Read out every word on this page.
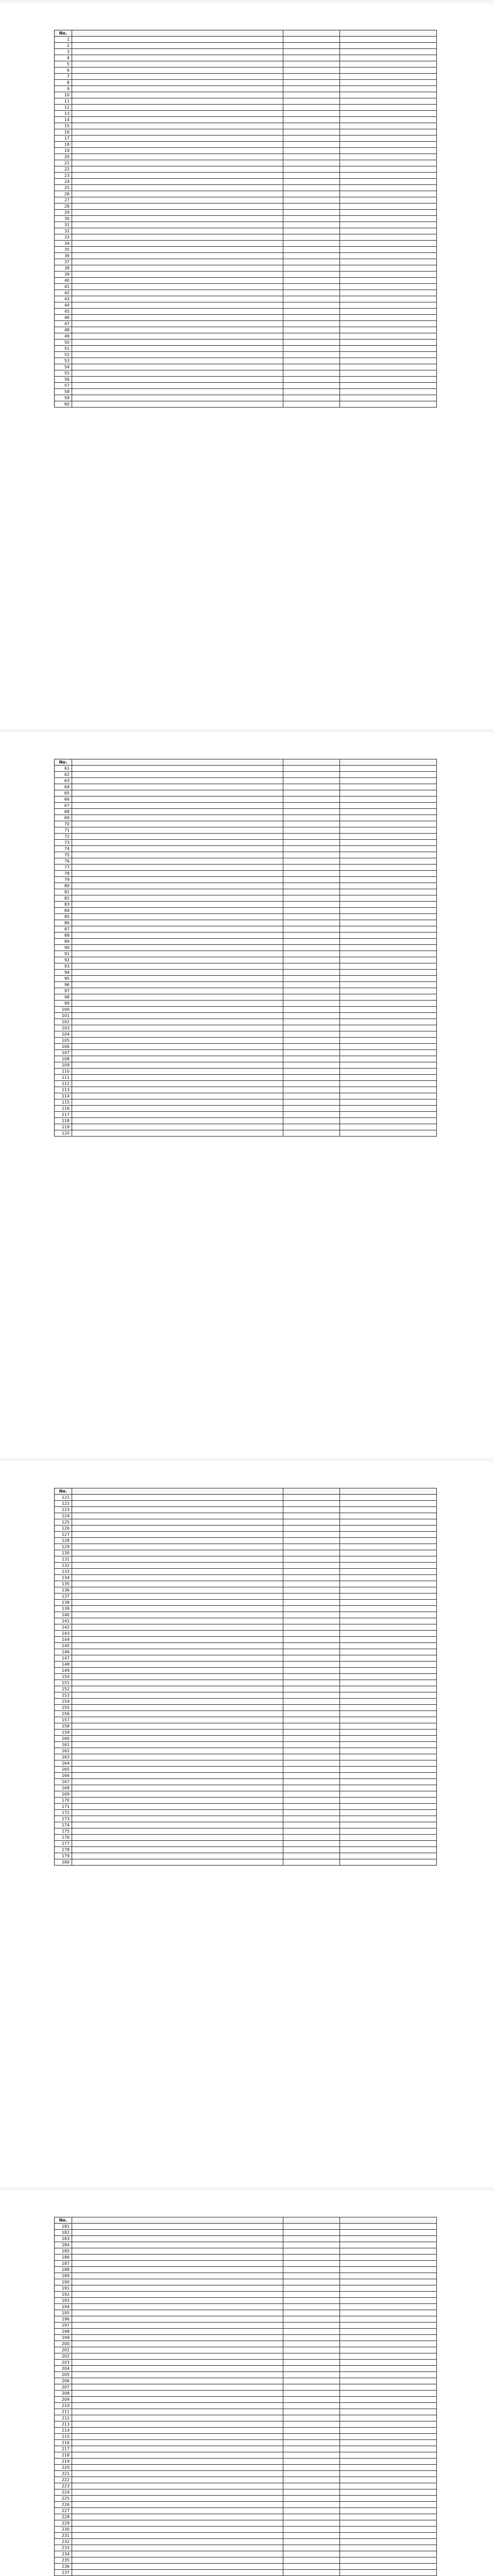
No.			
1			
2			
3			
4			
5			
6			
7			
8			
9			
10			
11			
12			
13			
14			
15			
16			
17			
18			
19			
20			
21			
22			
23			
24			
25			
26			
27			
28			
29			
30			
31			
32			
33			
34			
35			
36			
37			
38			
39			
40			
41			
42			
43			
44			
45			
46			
47			
48			
49			
50			
51			
52			
53			
54			
55			
56			
57			
58			
59			
60			
No.			
61			
62			
63			
64			
65			
66			
67			
68			
69			
70			
71			
72			
73			
74			
75			
76			
77			
78			
79			
80			
81			
82			
83			
84			
85			
86			
87			
88			
89			
90			
91			
92			
93			
94			
95			
96			
97			
98			
99			
100			
101			
102			
103			
104			
105			
106			
107			
108			
109			
110			
111			
112			
113			
114			
115			
116			
117			
118			
119			
120			
No.			
121			
122			
123			
124			
125			
126			
127			
128			
129			
130			
131			
132			
133			
134			
135			
136			
137			
138			
139			
140			
141			
142			
143			
144			
145			
146			
147			
148			
149			
150			
151			
152			
153			
154			
155			
156			
157			
158			
159			
160			
161			
162			
163			
164			
165			
166			
167			
168			
169			
170			
171			
172			
173			
174			
175			
176			
177			
178			
179			
180			
No.			
181			
182			
183			
184			
185			
186			
187			
188			
189			
190			
191			
192			
193			
194			
195			
196			
197			
198			
199			
200			
201			
202			
203			
204			
205			
206			
207			
208			
209			
210			
211			
212			
213			
214			
215			
216			
217			
218			
219			
220			
221			
222			
223			
224			
225			
226			
227			
228			
229			
230			
231			
232			
233			
234			
235			
236			
237			
